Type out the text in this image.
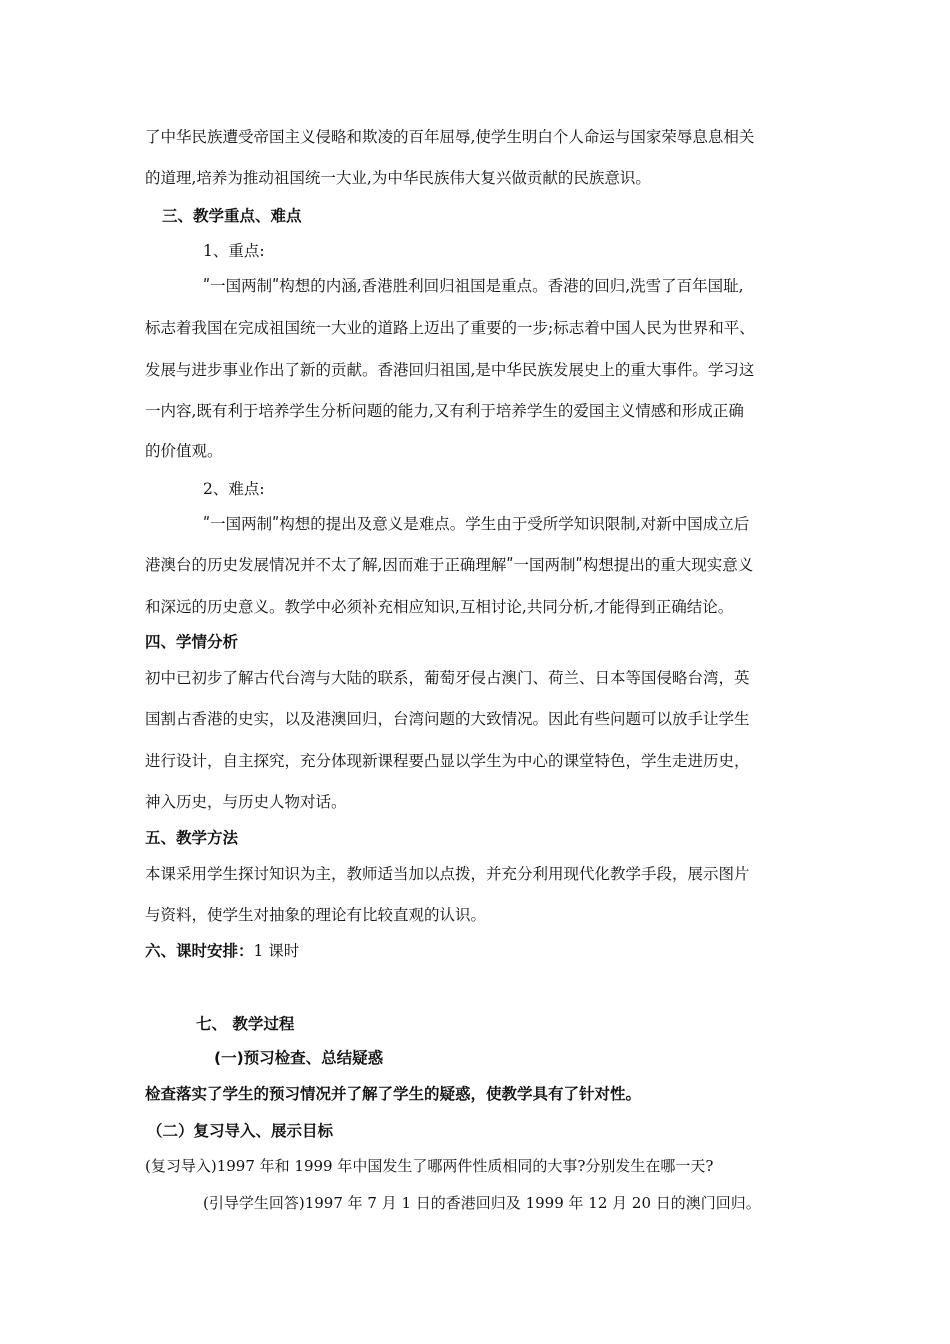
了中华民族遭受帝国主义侵略和欺凌的百年屈辱,使学生明白个人命运与国家荣辱息息相关
的道理,培养为推动祖国统一大业,为中华民族伟大复兴做贡献的民族意识。
三、教学重点、难点
1、重点:
ʺ一国两制ʺ构想的内涵,香港胜利回归祖国是重点。香港的回归,洗雪了百年国耻,
标志着我国在完成祖国统一大业的道路上迈出了重要的一步;标志着中国人民为世界和平、
发展与进步事业作出了新的贡献。香港回归祖国,是中华民族发展史上的重大事件。学习这
一内容,既有利于培养学生分析问题的能力,又有利于培养学生的爱国主义情感和形成正确
的价值观。
2、难点:
ʺ一国两制ʺ构想的提出及意义是难点。学生由于受所学知识限制,对新中国成立后
港澳台的历史发展情况并不太了解,因而难于正确理解ʺ一国两制ʺ构想提出的重大现实意义
和深远的历史意义。教学中必须补充相应知识,互相讨论,共同分析,才能得到正确结论。
四、学情分析
初中已初步了解古代台湾与大陆的联系，葡萄牙侵占澳门、荷兰、日本等国侵略台湾，英
国割占香港的史实，以及港澳回归，台湾问题的大致情况。因此有些问题可以放手让学生
进行设计，自主探究，充分体现新课程要凸显以学生为中心的课堂特色，学生走进历史，
神入历史，与历史人物对话。
五、教学方法
本课采用学生探讨知识为主，教师适当加以点拨，并充分利用现代化教学手段，展示图片
与资料，使学生对抽象的理论有比较直观的认识。
六、课时安排：1 课时
七、 教学过程
(一)预习检查、总结疑惑
检查落实了学生的预习情况并了解了学生的疑惑，使教学具有了针对性。
（二）复习导入、展示目标
(复习导入)1997 年和 1999 年中国发生了哪两件性质相同的大事?分别发生在哪一天?
(引导学生回答)1997 年 7 月 1 日的香港回归及 1999 年 12 月 20 日的澳门回归。
